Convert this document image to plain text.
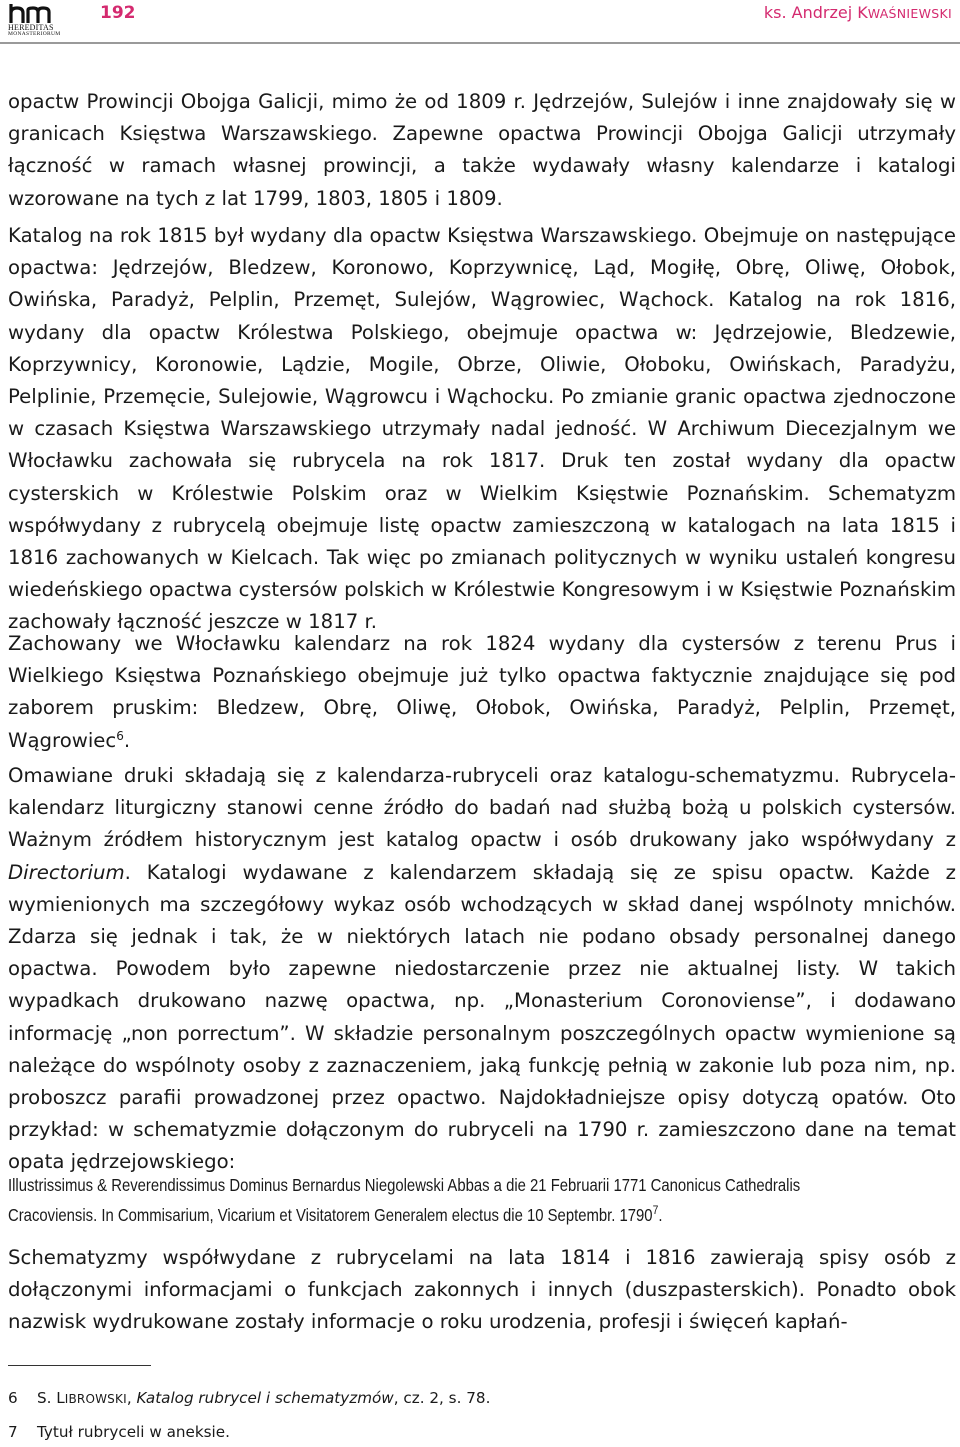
hm
HEREDITAS
MONASTERIORUM
192	ks. Andrzej KWAŚNIEWSKI

opactw Prowincji Obojga Galicji, mimo że od 1809 r. Jędrzejów, Sulejów i inne znajdowały się w granicach Księstwa Warszawskiego. Zapewne opactwa Prowincji Obojga Galicji utrzymały łączność w ramach własnej prowincji, a także wydawały własny kalendarze i katalogi wzorowane na tych z lat 1799, 1803, 1805 i 1809.

Katalog na rok 1815 był wydany dla opactw Księstwa Warszawskiego. Obejmuje on następujące opactwa: Jędrzejów, Bledzew, Koronowo, Koprzywnicę, Ląd, Mogiłę, Obrę, Oliwę, Ołobok, Owińska, Paradyż, Pelplin, Przemęt, Sulejów, Wągrowiec, Wąchock. Katalog na rok 1816, wydany dla opactw Królestwa Polskiego, obejmuje opactwa w: Jędrzejowie, Bledzewie, Koprzywnicy, Koronowie, Lądzie, Mogile, Obrze, Oliwie, Ołoboku, Owińskach, Paradyżu, Pelplinie, Przemęcie, Sulejowie, Wągrowcu i Wąchocku. Po zmianie granic opactwa zjednoczone w czasach Księstwa Warszawskiego utrzymały nadal jedność. W Archiwum Diecezjalnym we Włocławku zachowała się rubrycela na rok 1817. Druk ten został wydany dla opactw cysterskich w Królestwie Polskim oraz w Wielkim Księstwie Poznańskim. Schematyzm współwydany z rubrycelą obejmuje listę opactw zamieszczoną w katalogach na lata 1815 i 1816 zachowanych w Kielcach. Tak więc po zmianach politycznych w wyniku ustaleń kongresu wiedeńskiego opactwa cystersów polskich w Królestwie Kongresowym i w Księstwie Poznańskim zachowały łączność jeszcze w 1817 r.

Zachowany we Włocławku kalendarz na rok 1824 wydany dla cystersów z terenu Prus i Wielkiego Księstwa Poznańskiego obejmuje już tylko opactwa faktycznie znajdujące się pod zaborem pruskim: Bledzew, Obrę, Oliwę, Ołobok, Owińska, Paradyż, Pelplin, Przemęt, Wągrowiec$^6$.

Omawiane druki składają się z kalendarza-rubryceli oraz katalogu-schematyzmu. Rubrycela-kalendarz liturgiczny stanowi cenne źródło do badań nad służbą bożą u polskich cystersów. Ważnym źródłem historycznym jest katalog opactw i osób drukowany jako współwydany z Directorium. Katalogi wydawane z kalendarzem składają się ze spisu opactw. Każde z wymienionych ma szczegółowy wykaz osób wchodzących w skład danej wspólnoty mnichów. Zdarza się jednak i tak, że w niektórych latach nie podano obsady personalnej danego opactwa. Powodem było zapewne niedostarczenie przez nie aktualnej listy. W takich wypadkach drukowano nazwę opactwa, np. „Monasterium Coronoviense”, i dodawano informację „non porrectum”. W składzie personalnym poszczególnych opactw wymienione są należące do wspólnoty osoby z zaznaczeniem, jaką funkcję pełnią w zakonie lub poza nim, np. proboszcz parafii prowadzonej przez opactwo. Najdokładniejsze opisy dotyczą opatów. Oto przykład: w schematyzmie dołączonym do rubryceli na 1790 r. zamieszczono dane na temat opata jędrzejowskiego:

Illustrissimus & Reverendissimus Dominus Bernardus Niegolewski Abbas a die 21 Februarii 1771 Canonicus Cathedralis
Cracoviensis. In Commisarium, Vicarium et Visitatorem Generalem electus die 10 Septembr. 1790$^7$.

Schematyzmy współwydane z rubrycelami na lata 1814 i 1816 zawierają spisy osób z dołączonymi informacjami o funkcjach zakonnych i innych (duszpasterskich). Ponadto obok nazwisk wydrukowane zostały informacje o roku urodzenia, profesji i święceń kapłań-

6 S. LIBROWSKI, Katalog rubrycel i schematyzmów, cz. 2, s. 78.
7 Tytuł rubryceli w aneksie.
